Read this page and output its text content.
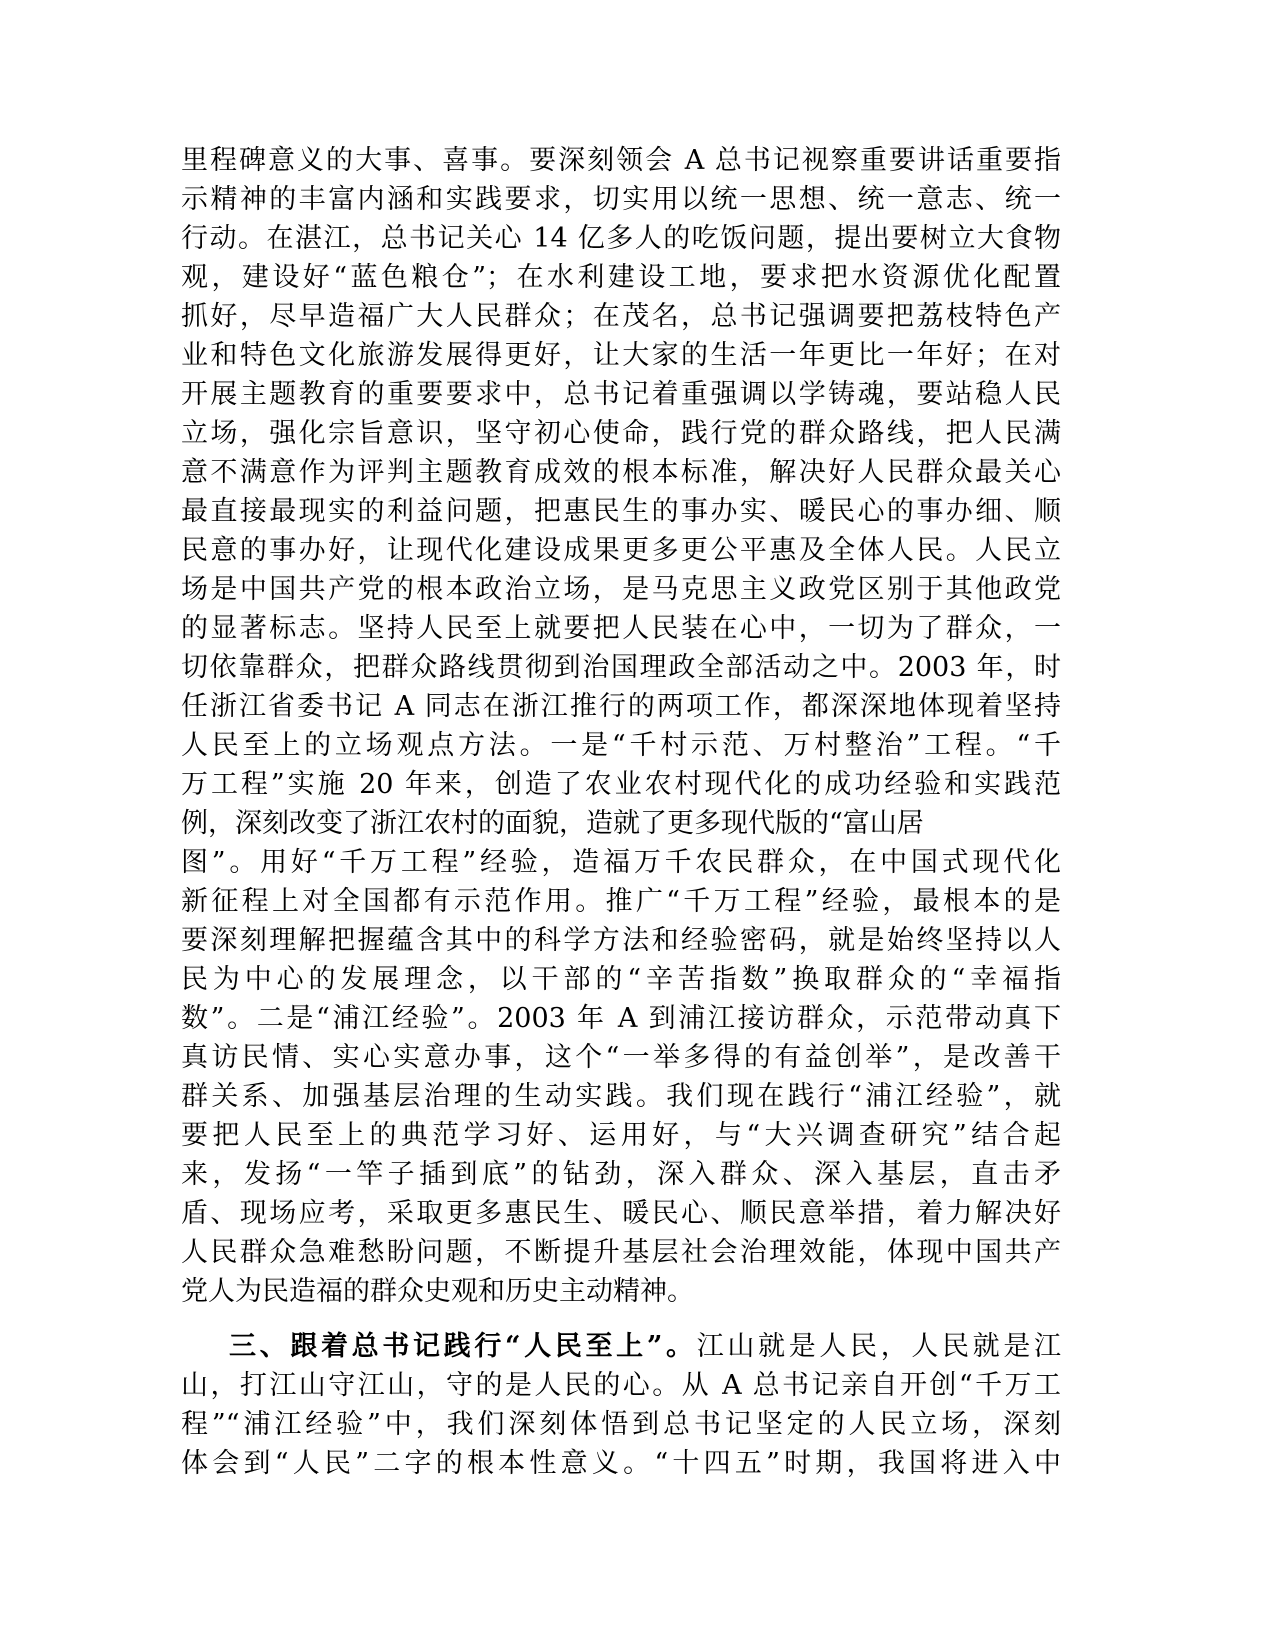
里程碑意义的大事、喜事。要深刻领会 A 总书记视察重要讲话重要指
示精神的丰富内涵和实践要求，切实用以统一思想、统一意志、统一
行动。在湛江，总书记关心 14 亿多人的吃饭问题，提出要树立大食物
观，建设好“蓝色粮仓”；在水利建设工地，要求把水资源优化配置
抓好，尽早造福广大人民群众；在茂名，总书记强调要把荔枝特色产
业和特色文化旅游发展得更好，让大家的生活一年更比一年好；在对
开展主题教育的重要要求中，总书记着重强调以学铸魂，要站稳人民
立场，强化宗旨意识，坚守初心使命，践行党的群众路线，把人民满
意不满意作为评判主题教育成效的根本标准，解决好人民群众最关心
最直接最现实的利益问题，把惠民生的事办实、暖民心的事办细、顺
民意的事办好，让现代化建设成果更多更公平惠及全体人民。人民立
场是中国共产党的根本政治立场，是马克思主义政党区别于其他政党
的显著标志。坚持人民至上就要把人民装在心中，一切为了群众，一
切依靠群众，把群众路线贯彻到治国理政全部活动之中。2003 年，时
任浙江省委书记 A 同志在浙江推行的两项工作，都深深地体现着坚持
人民至上的立场观点方法。一是“千村示范、万村整治”工程。“千
万工程”实施 20 年来，创造了农业农村现代化的成功经验和实践范
例，深刻改变了浙江农村的面貌，造就了更多现代版的“富山居
图”。用好“千万工程”经验，造福万千农民群众，在中国式现代化
新征程上对全国都有示范作用。推广“千万工程”经验，最根本的是
要深刻理解把握蕴含其中的科学方法和经验密码，就是始终坚持以人
民为中心的发展理念，以干部的“辛苦指数”换取群众的“幸福指
数”。二是“浦江经验”。2003 年 A 到浦江接访群众，示范带动真下
真访民情、实心实意办事，这个“一举多得的有益创举”，是改善干
群关系、加强基层治理的生动实践。我们现在践行“浦江经验”，就
要把人民至上的典范学习好、运用好，与“大兴调查研究”结合起
来，发扬“一竿子插到底”的钻劲，深入群众、深入基层，直击矛
盾、现场应考，采取更多惠民生、暖民心、顺民意举措，着力解决好
人民群众急难愁盼问题，不断提升基层社会治理效能，体现中国共产
党人为民造福的群众史观和历史主动精神。
三、跟着总书记践行“人民至上”。江山就是人民，人民就是江
山，打江山守江山，守的是人民的心。从 A 总书记亲自开创“千万工
程”“浦江经验”中，我们深刻体悟到总书记坚定的人民立场，深刻
体会到“人民”二字的根本性意义。“十四五”时期，我国将进入中
